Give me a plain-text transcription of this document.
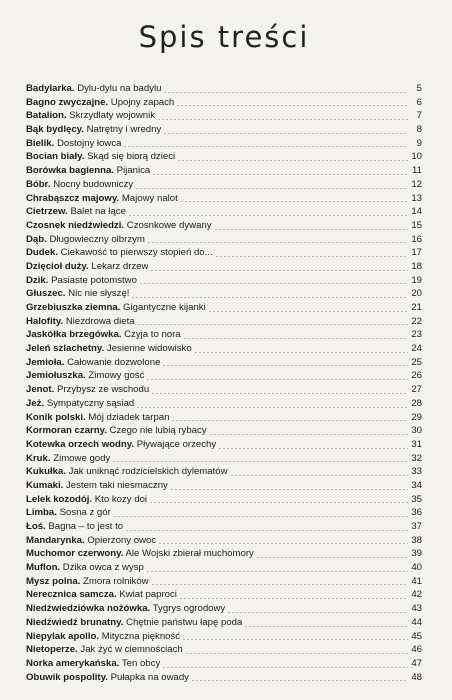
Spis treści
Badylarka. Dylu-dylu na badylu	5
Bagno zwyczajne. Upojny zapach	6
Batalion. Skrzydlaty wojownik	7
Bąk bydlęcy. Natrętny i wredny	8
Bielik. Dostojny łowca	9
Bocian biały. Skąd się biorą dzieci	10
Borówka bagienna. Pijanica	11
Bóbr. Nocny budowniczy	12
Chrabąszcz majowy. Majowy nalot	13
Cietrzew. Balet na łące	14
Czosnek niedźwiedzi. Czosnkowe dywany	15
Dąb. Długowieczny olbrzym	16
Dudek. Ciekawość to pierwszy stopień do...	17
Dzięcioł duży. Lekarz drzew	18
Dzik. Pasiaste potomstwo	19
Głuszec. Nic nie słyszę!	20
Grzebiuszka ziemna. Gigantyczne kijanki	21
Halofity. Niezdrowa dieta	22
Jaskółka brzegówka. Czyja to nora	23
Jeleń szlachetny. Jesienne widowisko	24
Jemioła. Całowanie dozwolone	25
Jemiołuszka. Zimowy gość	26
Jenot. Przybysz ze wschodu	27
Jeż. Sympatyczny sąsiad	28
Konik polski. Mój dziadek tarpan	29
Kormoran czarny. Czego nie lubią rybacy	30
Kotewka orzech wodny. Pływające orzechy	31
Kruk. Zimowe gody	32
Kukułka. Jak uniknąć rodzicielskich dylematów	33
Kumaki. Jestem taki niesmaczny	34
Lelek kozodój. Kto kozy doi	35
Limba. Sosna z gór	36
Łoś. Bagna – to jest to	37
Mandarynka. Opierzony owoc	38
Muchomor czerwony. Ale Wojski zbierał muchomory	39
Muflon. Dzika owca z wysp	40
Mysz polna. Zmora rolników	41
Nerecznica samcza. Kwiat paproci	42
Niedźwiedziówka nożówka. Tygrys ogrodowy	43
Niedźwiedź brunatny. Chętnie państwu łapę poda	44
Niepylak apollo. Mityczna piękność	45
Nietoperze. Jak żyć w ciemnościach	46
Norka amerykańska. Ten obcy	47
Obuwik pospolity. Pułapka na owady	48
